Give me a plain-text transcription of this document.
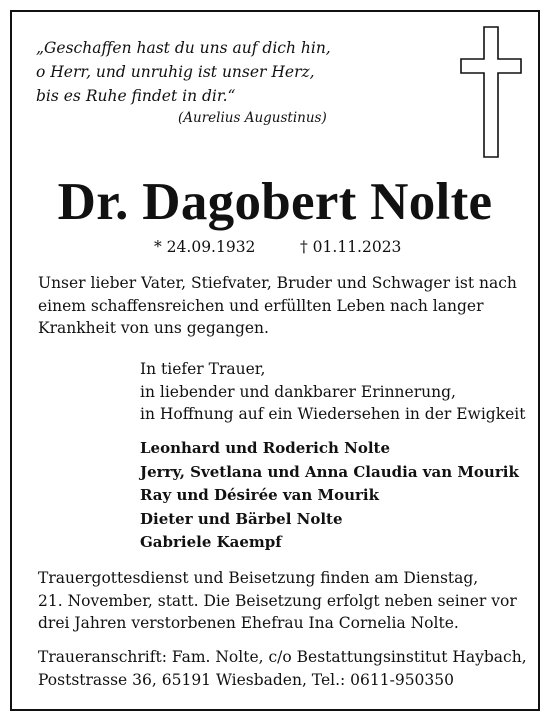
„Geschaffen hast du uns auf dich hin,
o Herr, und unruhig ist unser Herz,
bis es Ruhe findet in dir.“
(Aurelius Augustinus)
Dr. Dagobert Nolte
* 24.09.1932	† 01.11.2023
Unser lieber Vater, Stiefvater, Bruder und Schwager ist nach
einem schaffensreichen und erfüllten Leben nach langer
Krankheit von uns gegangen.
In tiefer Trauer,
in liebender und dankbarer Erinnerung,
in Hoffnung auf ein Wiedersehen in der Ewigkeit
Leonhard und Roderich Nolte
Jerry, Svetlana und Anna Claudia van Mourik
Ray und Désirée van Mourik
Dieter und Bärbel Nolte
Gabriele Kaempf
Trauergottesdienst und Beisetzung finden am Dienstag,
21. November, statt. Die Beisetzung erfolgt neben seiner vor
drei Jahren verstorbenen Ehefrau Ina Cornelia Nolte.
Traueranschrift: Fam. Nolte, c/o Bestattungsinstitut Haybach,
Poststrasse 36, 65191 Wiesbaden, Tel.: 0611-950350
